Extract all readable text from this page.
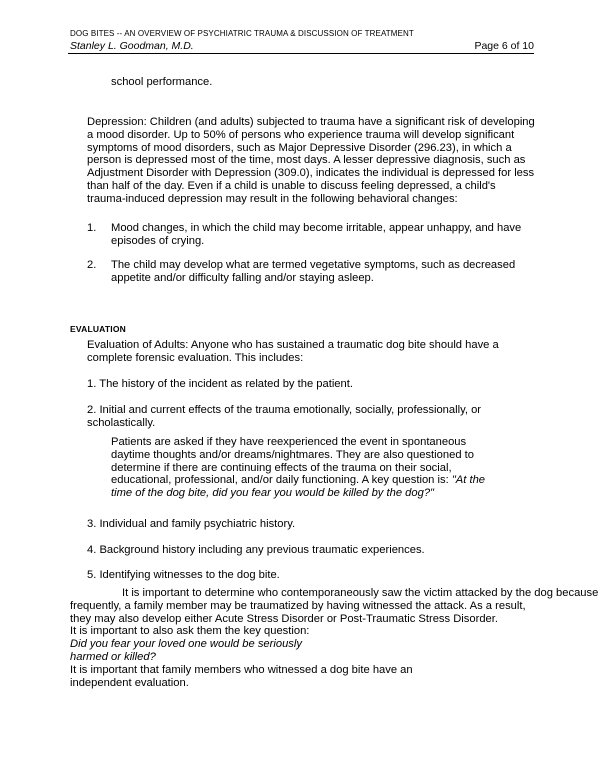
DOG BITES -- AN OVERVIEW OF PSYCHIATRIC TRAUMA & DISCUSSION OF TREATMENT
Stanley L. Goodman, M.D.	Page 6 of 10
school performance.
Depression: Children (and adults) subjected to trauma have a significant risk of developing a mood disorder. Up to 50% of persons who experience trauma will develop significant symptoms of mood disorders, such as Major Depressive Disorder (296.23), in which a person is depressed most of the time, most days. A lesser depressive diagnosis, such as Adjustment Disorder with Depression (309.0), indicates the individual is depressed for less than half of the day. Even if a child is unable to discuss feeling depressed, a child's trauma-induced depression may result in the following behavioral changes:
1. Mood changes, in which the child may become irritable, appear unhappy, and have episodes of crying.
2. The child may develop what are termed vegetative symptoms, such as decreased appetite and/or difficulty falling and/or staying asleep.
EVALUATION
Evaluation of Adults: Anyone who has sustained a traumatic dog bite should have a complete forensic evaluation. This includes:
1. The history of the incident as related by the patient.
2. Initial and current effects of the trauma emotionally, socially, professionally, or scholastically.
Patients are asked if they have reexperienced the event in spontaneous daytime thoughts and/or dreams/nightmares. They are also questioned to determine if there are continuing effects of the trauma on their social, educational, professional, and/or daily functioning. A key question is: "At the time of the dog bite, did you fear you would be killed by the dog?"
3. Individual and family psychiatric history.
4. Background history including any previous traumatic experiences.
5. Identifying witnesses to the dog bite.
It is important to determine who contemporaneously saw the victim attacked by the dog because
frequently, a family member may be traumatized by having witnessed the attack. As a result,
they may also develop either Acute Stress Disorder or Post-Traumatic Stress Disorder.
It is important to also ask them the key question:
Did you fear your loved one would be seriously
harmed or killed?
It is important that family members who witnessed a dog bite have an
independent evaluation.
